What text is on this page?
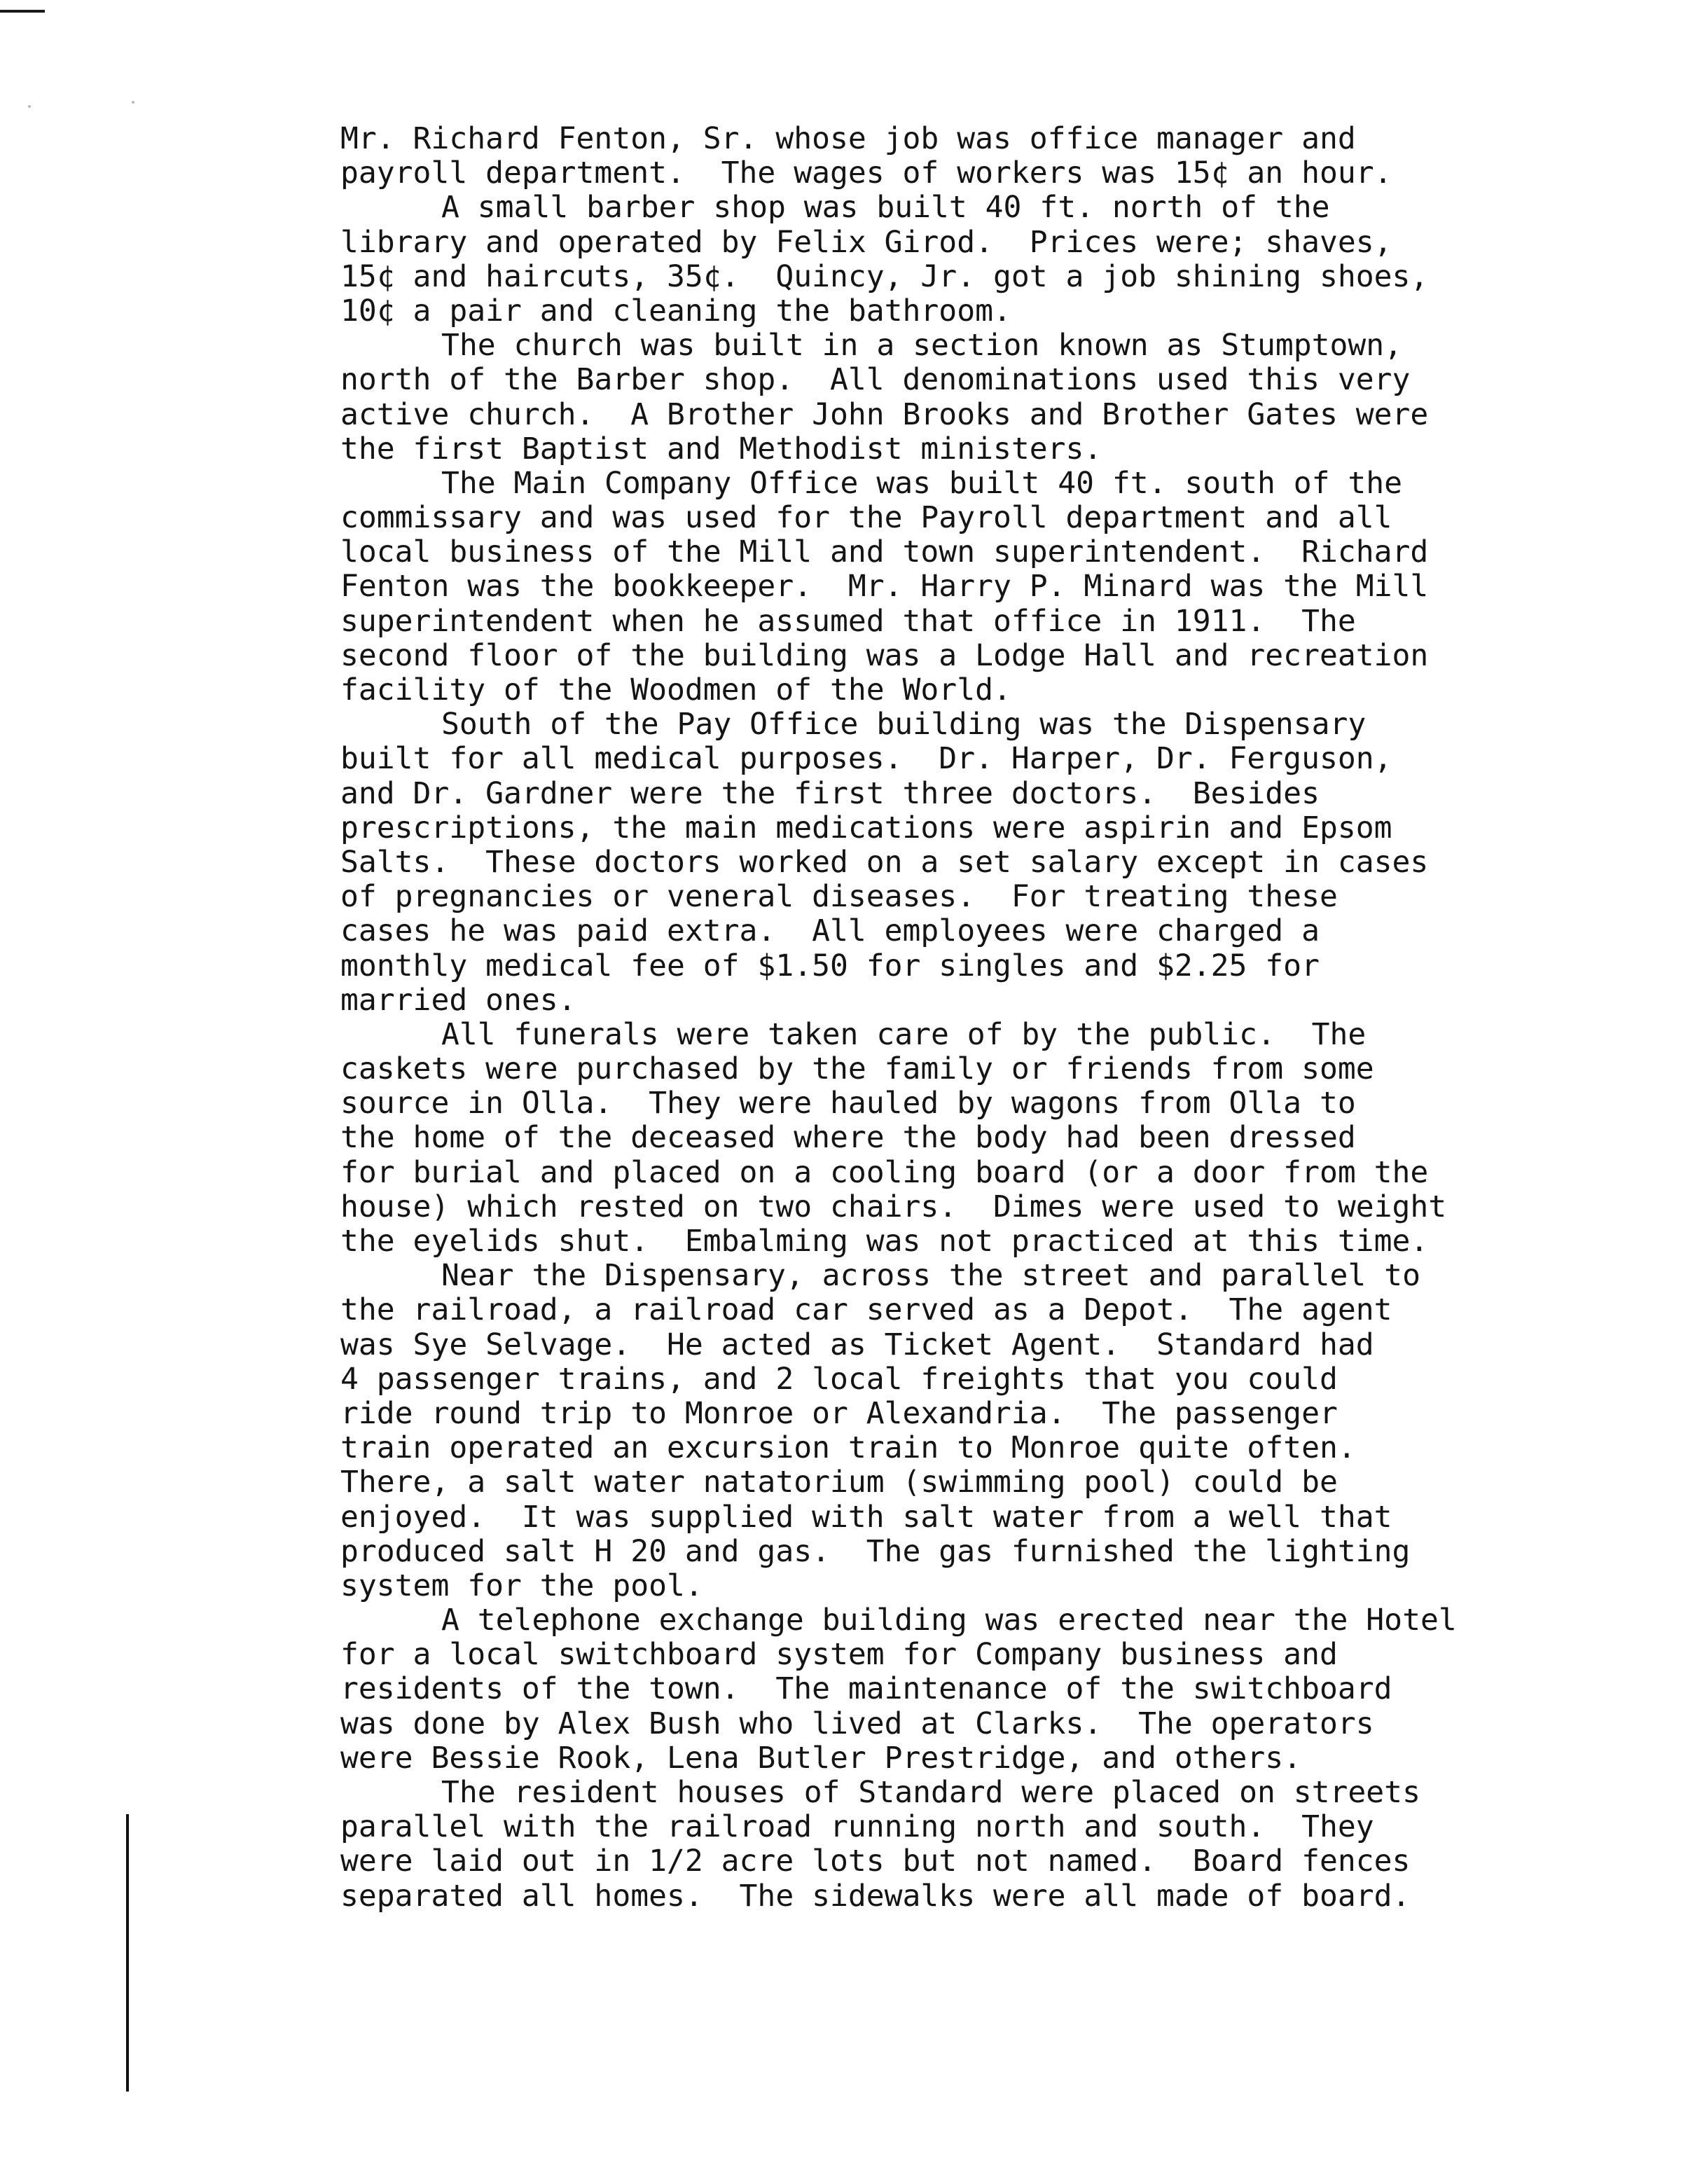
Mr. Richard Fenton, Sr. whose job was office manager and
payroll department.  The wages of workers was 15¢ an hour.
A small barber shop was built 40 ft. north of the
library and operated by Felix Girod.  Prices were; shaves,
15¢ and haircuts, 35¢.  Quincy, Jr. got a job shining shoes,
10¢ a pair and cleaning the bathroom.
The church was built in a section known as Stumptown,
north of the Barber shop.  All denominations used this very
active church.  A Brother John Brooks and Brother Gates were
the first Baptist and Methodist ministers.
The Main Company Office was built 40 ft. south of the
commissary and was used for the Payroll department and all
local business of the Mill and town superintendent.  Richard
Fenton was the bookkeeper.  Mr. Harry P. Minard was the Mill
superintendent when he assumed that office in 1911.  The
second floor of the building was a Lodge Hall and recreation
facility of the Woodmen of the World.
South of the Pay Office building was the Dispensary
built for all medical purposes.  Dr. Harper, Dr. Ferguson,
and Dr. Gardner were the first three doctors.  Besides
prescriptions, the main medications were aspirin and Epsom
Salts.  These doctors worked on a set salary except in cases
of pregnancies or veneral diseases.  For treating these
cases he was paid extra.  All employees were charged a
monthly medical fee of $1.50 for singles and $2.25 for
married ones.
All funerals were taken care of by the public.  The
caskets were purchased by the family or friends from some
source in Olla.  They were hauled by wagons from Olla to
the home of the deceased where the body had been dressed
for burial and placed on a cooling board (or a door from the
house) which rested on two chairs.  Dimes were used to weight
the eyelids shut.  Embalming was not practiced at this time.
Near the Dispensary, across the street and parallel to
the railroad, a railroad car served as a Depot.  The agent
was Sye Selvage.  He acted as Ticket Agent.  Standard had
4 passenger trains, and 2 local freights that you could
ride round trip to Monroe or Alexandria.  The passenger
train operated an excursion train to Monroe quite often.
There, a salt water natatorium (swimming pool) could be
enjoyed.  It was supplied with salt water from a well that
produced salt H 20 and gas.  The gas furnished the lighting
system for the pool.
A telephone exchange building was erected near the Hotel
for a local switchboard system for Company business and
residents of the town.  The maintenance of the switchboard
was done by Alex Bush who lived at Clarks.  The operators
were Bessie Rook, Lena Butler Prestridge, and others.
The resident houses of Standard were placed on streets
parallel with the railroad running north and south.  They
were laid out in 1/2 acre lots but not named.  Board fences
separated all homes.  The sidewalks were all made of board.
